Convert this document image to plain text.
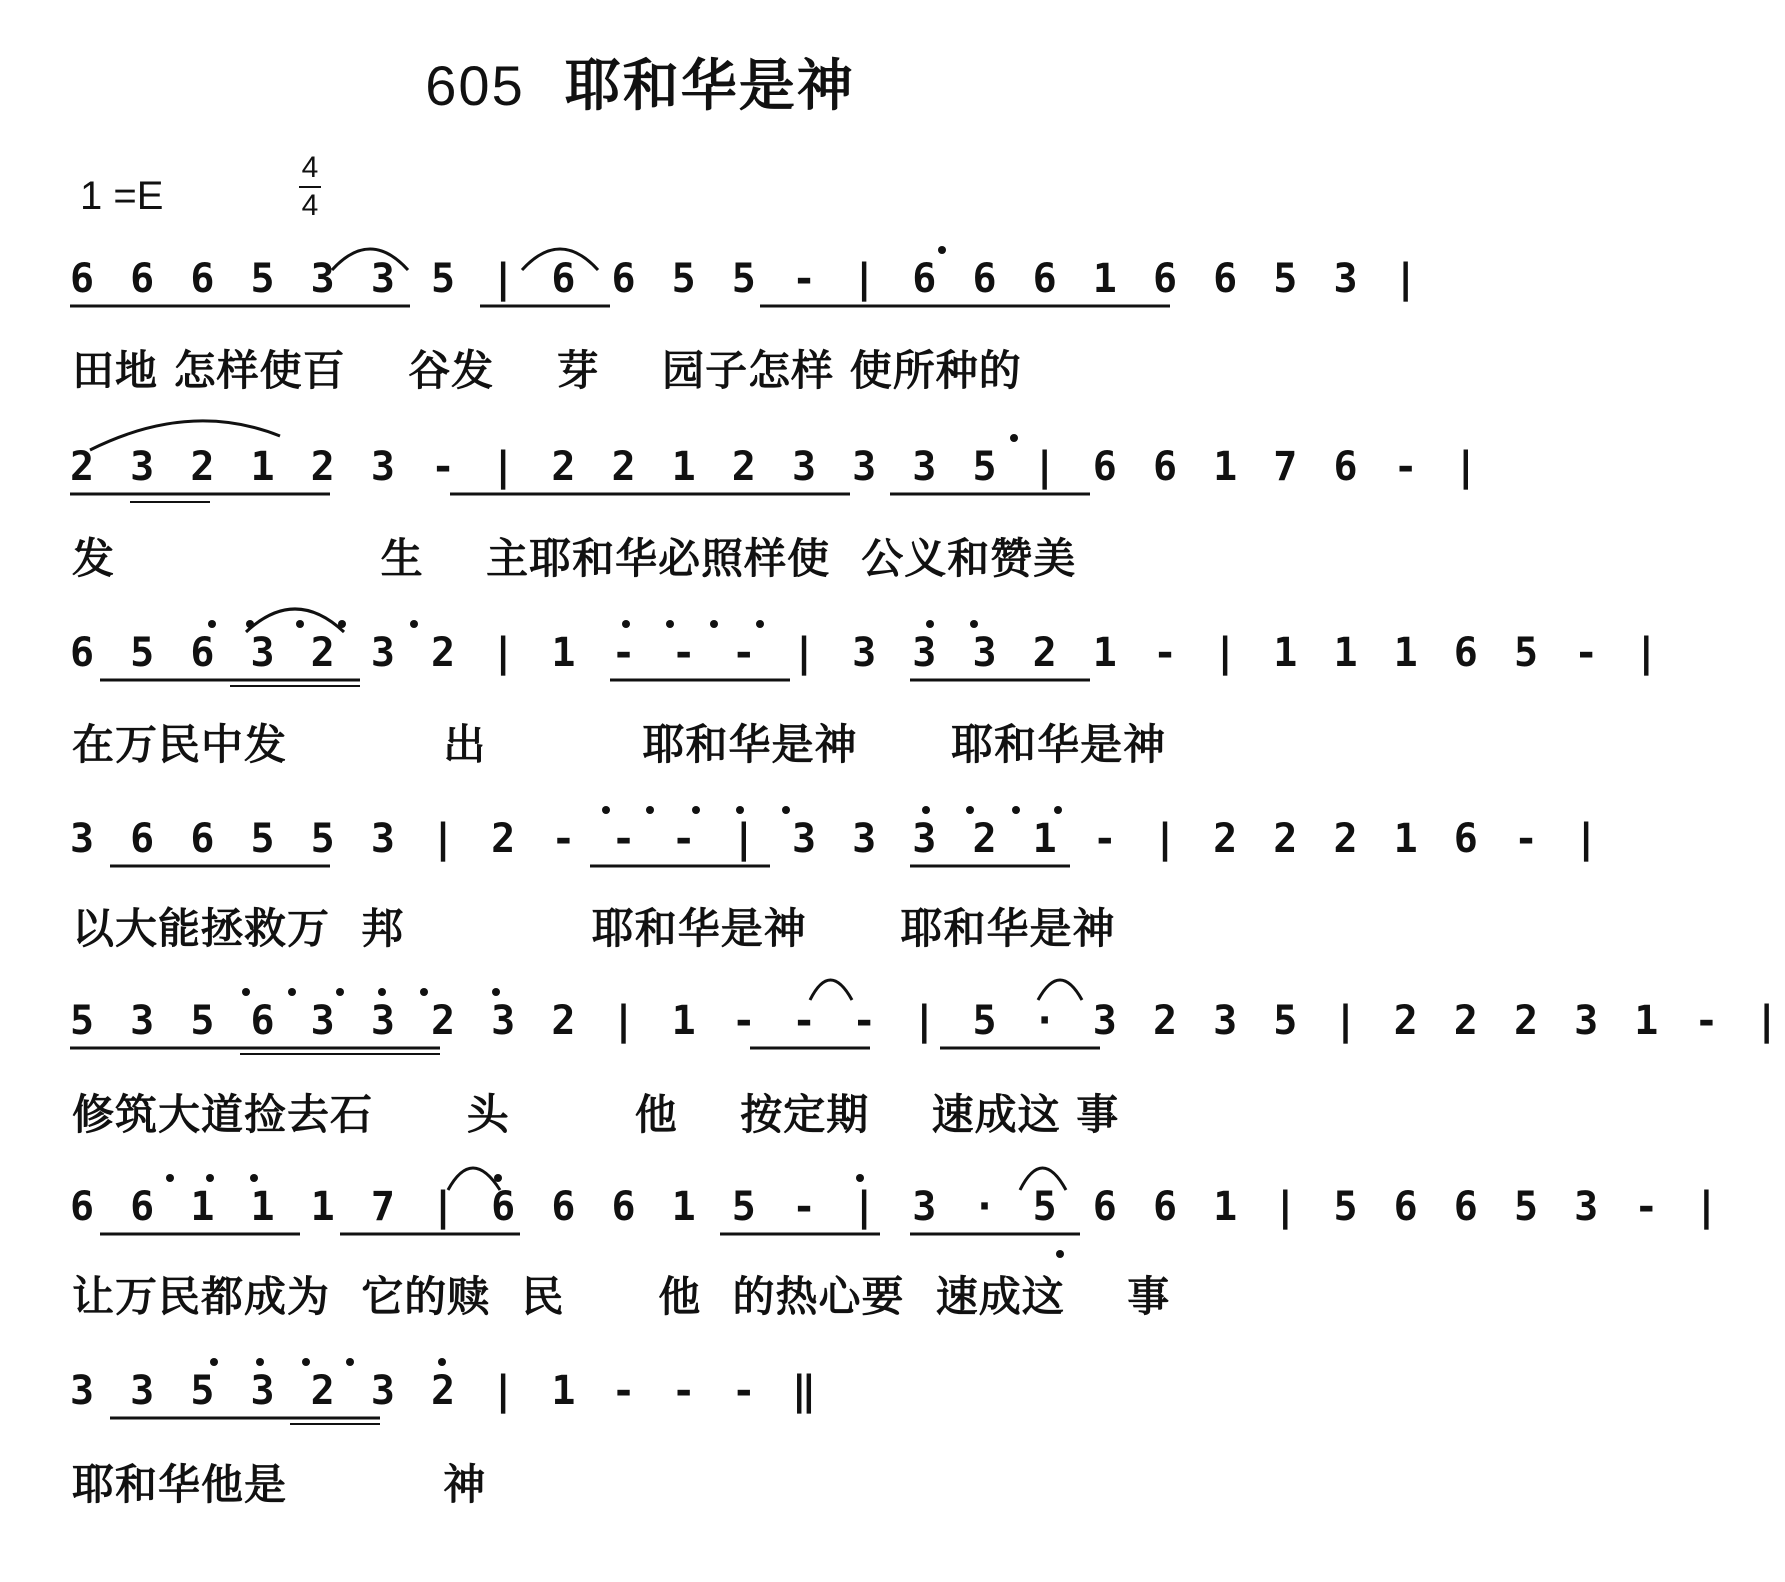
605 耶和华是神
1 =E
4
4
6 6 6 5 3 3 5 | 6 6 5 5 - | 6 6 6 1 6 6 5 3 |
田地 怎样使百    谷发    芽    园子怎样 使所种的
2 3 2 1 2 3 - | 2 2 1 2 3 3 3 5 | 6 6 1 7 6 - |
发                 生    主耶和华必照样使  公义和赞美
6 5 6 3 2 3 2 | 1 - - - | 3 3 3 2 1 - | 1 1 1 6 5 - |
在万民中发          出          耶和华是神      耶和华是神
3 6 6 5 5 3 | 2 - - - | 3 3 3 2 1 - | 2 2 2 1 6 - |
以大能拯救万  邦            耶和华是神      耶和华是神
5 3 5 6 3 3 2 3 2 | 1 - - - | 5 · 3 2 3 5 | 2 2 2 3 1 - |
修筑大道捡去石      头        他    按定期    速成这 事
6 6 1 1 1 7 | 6 6 6 1 5 - | 3 · 5 6 6 1 | 5 6 6 5 3 - |
让万民都成为  它的赎  民      他  的热心要  速成这    事
3 3 5 3 2 3 2 | 1 - - - ‖
耶和华他是          神
